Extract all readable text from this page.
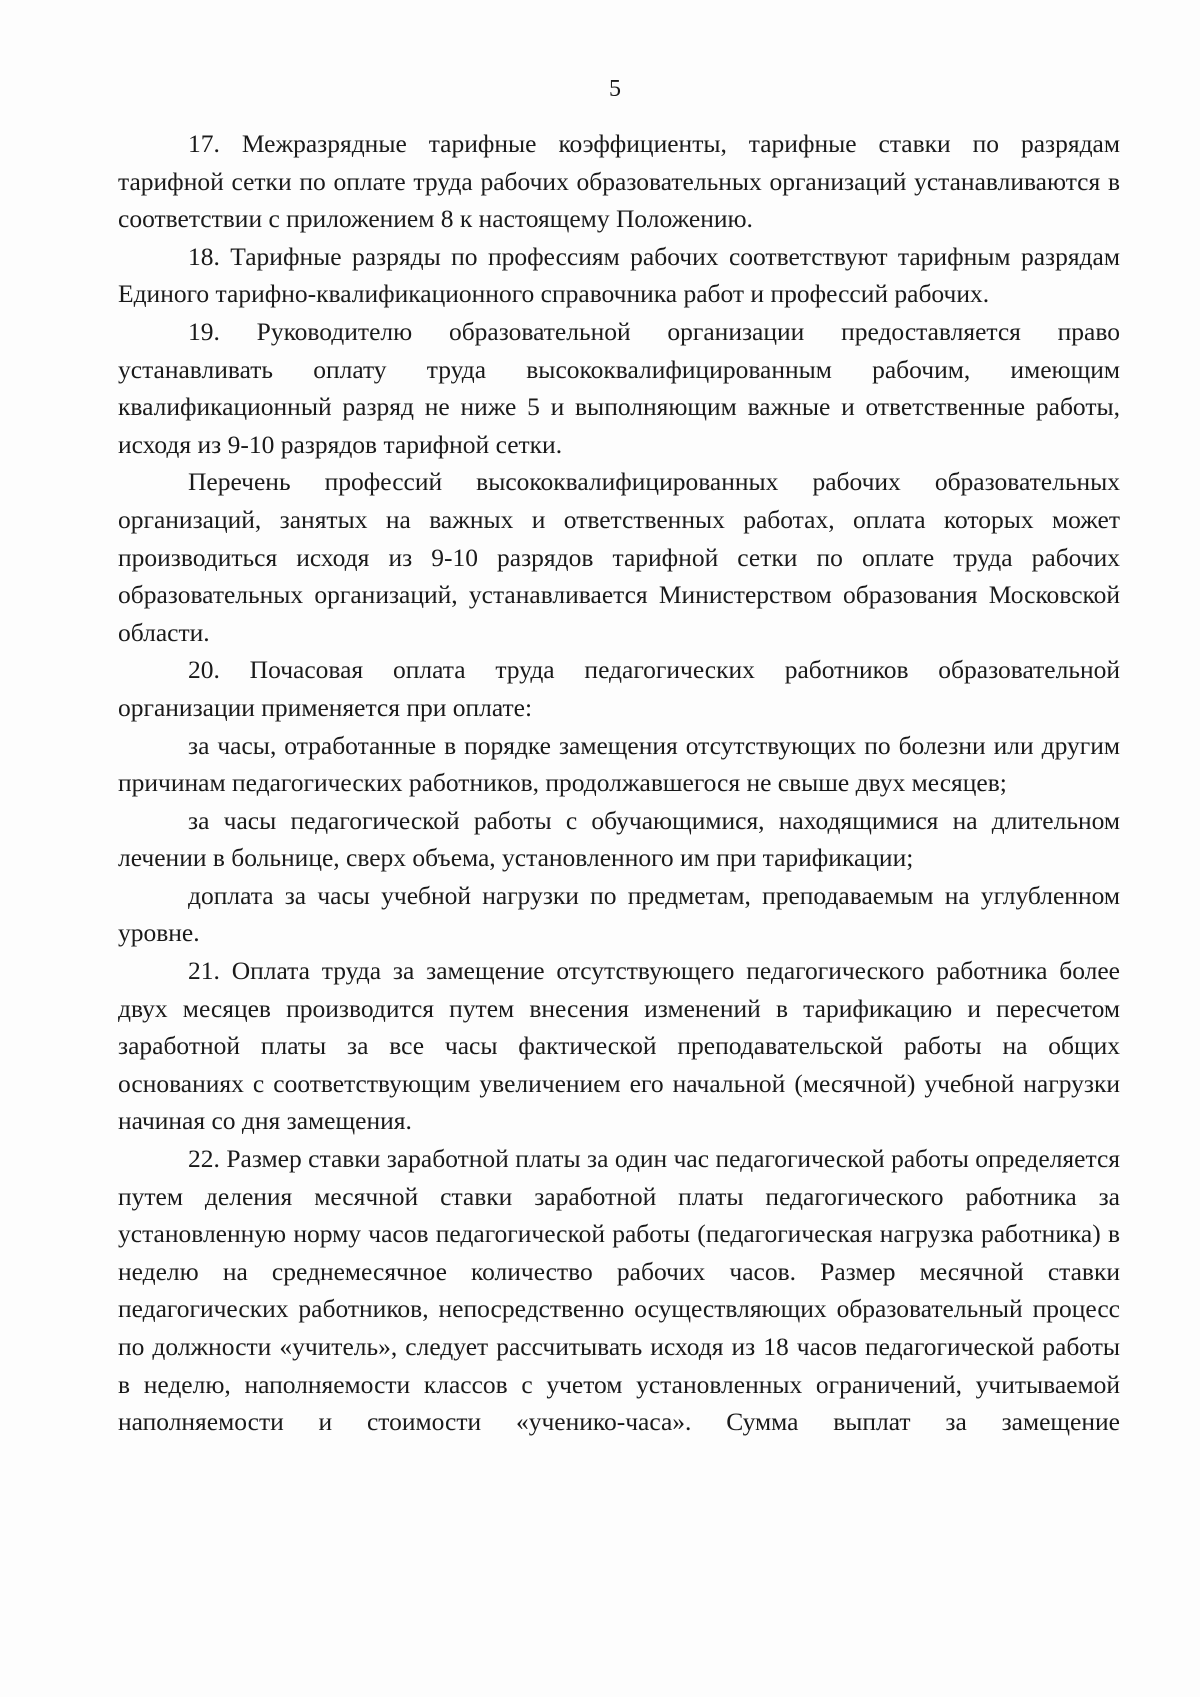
5

17. Межразрядные тарифные коэффициенты, тарифные ставки по разрядам тарифной сетки по оплате труда рабочих образовательных организаций устанавливаются в соответствии с приложением 8 к настоящему Положению.

18. Тарифные разряды по профессиям рабочих соответствуют тарифным разрядам Единого тарифно-квалификационного справочника работ и профессий рабочих.

19. Руководителю образовательной организации предоставляется право устанавливать оплату труда высококвалифицированным рабочим, имеющим квалификационный разряд не ниже 5 и выполняющим важные и ответственные работы, исходя из 9-10 разрядов тарифной сетки.

Перечень профессий высококвалифицированных рабочих образовательных организаций, занятых на важных и ответственных работах, оплата которых может производиться исходя из 9-10 разрядов тарифной сетки по оплате труда рабочих образовательных организаций, устанавливается Министерством образования Московской области.

20. Почасовая оплата труда педагогических работников образовательной организации применяется при оплате:

за часы, отработанные в порядке замещения отсутствующих по болезни или другим причинам педагогических работников, продолжавшегося не свыше двух месяцев;

за часы педагогической работы с обучающимися, находящимися на длительном лечении в больнице, сверх объема, установленного им при тарификации;

доплата за часы учебной нагрузки по предметам, преподаваемым на углубленном уровне.

21. Оплата труда за замещение отсутствующего педагогического работника более двух месяцев производится путем внесения изменений в тарификацию и пересчетом заработной платы за все часы фактической преподавательской работы на общих основаниях с соответствующим увеличением его начальной (месячной) учебной нагрузки начиная со дня замещения.

22. Размер ставки заработной платы за один час педагогической работы определяется путем деления месячной ставки заработной платы педагогического работника за установленную норму часов педагогической работы (педагогическая нагрузка работника) в неделю на среднемесячное количество рабочих часов. Размер месячной ставки педагогических работников, непосредственно осуществляющих образовательный процесс по должности «учитель», следует рассчитывать исходя из 18 часов педагогической работы в неделю, наполняемости классов с учетом установленных ограничений, учитываемой наполняемости и стоимости «ученико-часа». Сумма выплат за замещение
